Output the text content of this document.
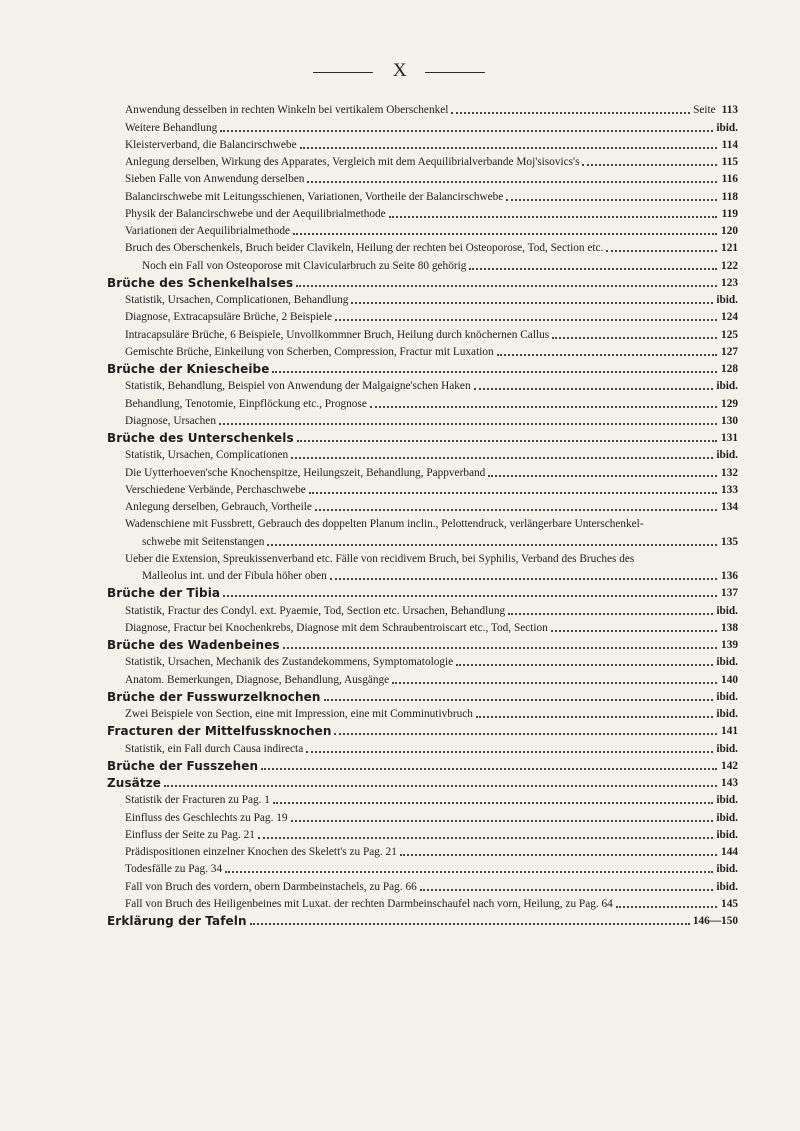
X
Anwendung desselben in rechten Winkeln bei vertikalem Oberschenkel	Seite 113
Weitere Behandlung	ibid.
Kleisterverband, die Balancirschwebe	114
Anlegung derselben, Wirkung des Apparates, Vergleich mit dem Aequilibrialverbande Moj'sisovics's	115
Sieben Falle von Anwendung derselben	116
Balancirschwebe mit Leitungsschienen, Variationen, Vortheile der Balancirschwebe	118
Physik der Balancirschwebe und der Aequilibrialmethode	119
Variationen der Aequilibrialmethode	120
Bruch des Oberschenkels, Bruch beider Clavikeln, Heilung der rechten bei Osteoporose, Tod, Section etc.	121
Noch ein Fall von Osteoporose mit Clavicularbruch zu Seite 80 gehörig	122
Brüche des Schenkelhalses	123
Statistik, Ursachen, Complicationen, Behandlung	ibid.
Diagnose, Extracapsuläre Brüche, 2 Beispiele	124
Intracapsuläre Brüche, 6 Beispiele, Unvollkommner Bruch, Heilung durch knöchernen Callus	125
Gemischte Brüche, Einkeilung von Scherben, Compression, Fractur mit Luxation	127
Brüche der Kniescheibe	128
Statistik, Behandlung, Beispiel von Anwendung der Malgaigne'schen Haken	ibid.
Behandlung, Tenotomie, Einpflöckung etc., Prognose	129
Diagnose, Ursachen	130
Brüche des Unterschenkels	131
Statistik, Ursachen, Complicationen	ibid.
Die Uytterhoeven'sche Knochenspitze, Heilungszeit, Behandlung, Pappverband	132
Verschiedene Verbände, Perchaschwebe	133
Anlegung derselben, Gebrauch, Vortheile	134
Wadenschiene mit Fussbrett, Gebrauch des doppelten Planum inclin., Pelottendruck, verlängerbare Unterschenkel-
schwebe mit Seitenstangen	135
Ueber die Extension, Spreukissenverband etc. Fälle von recidivem Bruch, bei Syphilis, Verband des Bruches des
Malleolus int. und der Fibula höher oben	136
Brüche der Tibia	137
Statistik, Fractur des Condyl. ext. Pyaemie, Tod, Section etc. Ursachen, Behandlung	ibid.
Diagnose, Fractur bei Knochenkrebs, Diagnose mit dem Schraubentroiscart etc., Tod, Section	138
Brüche des Wadenbeines	139
Statistik, Ursachen, Mechanik des Zustandekommens, Symptomatologie	ibid.
Anatom. Bemerkungen, Diagnose, Behandlung, Ausgänge	140
Brüche der Fusswurzelknochen	ibid.
Zwei Beispiele von Section, eine mit Impression, eine mit Comminutivbruch	ibid.
Fracturen der Mittelfussknochen	141
Statistik, ein Fall durch Causa indirecta	ibid.
Brüche der Fusszehen	142
Zusätze	143
Statistik der Fracturen zu Pag. 1	ibid.
Einfluss des Geschlechts zu Pag. 19	ibid.
Einfluss der Seite zu Pag. 21	ibid.
Prädispositionen einzelner Knochen des Skelett's zu Pag. 21	144
Todesfälle zu Pag. 34	ibid.
Fall von Bruch des vordern, obern Darmbeinstachels, zu Pag. 66	ibid.
Fall von Bruch des Heiligenbeines mit Luxat. der rechten Darmbeinschaufel nach vorn, Heilung, zu Pag. 64	145
Erklärung der Tafeln	146—150
